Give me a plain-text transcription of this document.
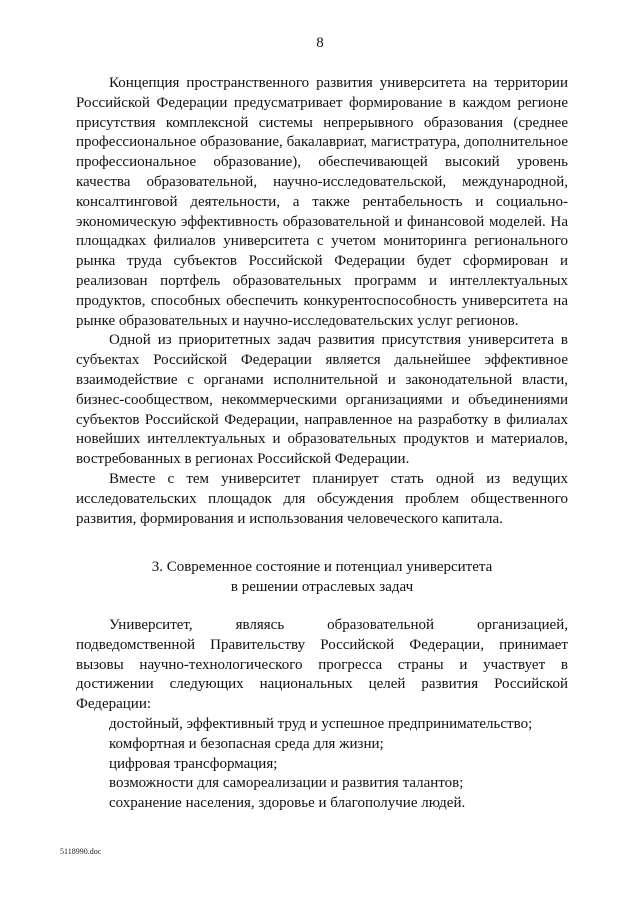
8

Концепция пространственного развития университета на территории Российской Федерации предусматривает формирование в каждом регионе присутствия комплексной системы непрерывного образования (среднее профессиональное образование, бакалавриат, магистратура, дополнительное профессиональное образование), обеспечивающей высокий уровень качества образовательной, научно-исследовательской, международной, консалтинговой деятельности, а также рентабельность и социально-экономическую эффективность образовательной и финансовой моделей. На площадках филиалов университета с учетом мониторинга регионального рынка труда субъектов Российской Федерации будет сформирован и реализован портфель образовательных программ и интеллектуальных продуктов, способных обеспечить конкурентоспособность университета на рынке образовательных и научно-исследовательских услуг регионов.

Одной из приоритетных задач развития присутствия университета в субъектах Российской Федерации является дальнейшее эффективное взаимодействие с органами исполнительной и законодательной власти, бизнес-сообществом, некоммерческими организациями и объединениями субъектов Российской Федерации, направленное на разработку в филиалах новейших интеллектуальных и образовательных продуктов и материалов, востребованных в регионах Российской Федерации.

Вместе с тем университет планирует стать одной из ведущих исследовательских площадок для обсуждения проблем общественного развития, формирования и использования человеческого капитала.

3. Современное состояние и потенциал университета

в решении отраслевых задач

Университет, являясь образовательной организацией, подведомственной Правительству Российской Федерации, принимает вызовы научно-технологического прогресса страны и участвует в достижении следующих национальных целей развития Российской Федерации:

достойный, эффективный труд и успешное предпринимательство;

комфортная и безопасная среда для жизни;

цифровая трансформация;

возможности для самореализации и развития талантов;

сохранение населения, здоровье и благополучие людей.

5118990.doc
